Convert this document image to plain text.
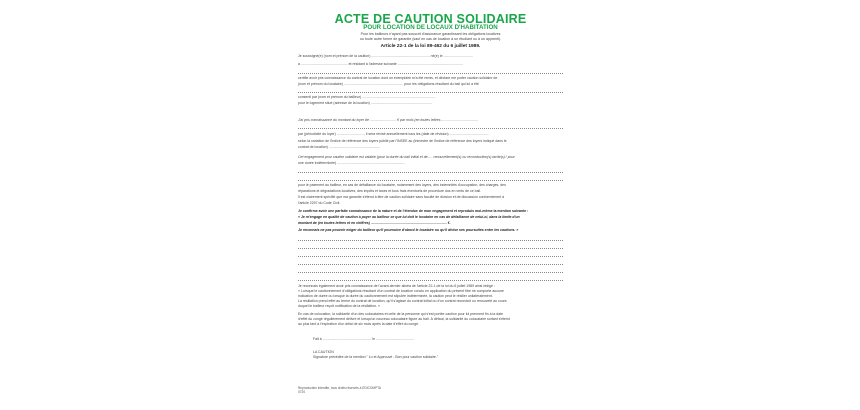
ACTE DE CAUTION SOLIDAIRE
POUR LOCATION DE LOCAUX D'HABITATION
Pour les bailleurs n'ayant pas souscrit d'assurance garantissant les obligations locatives
ou toute autre forme de garantie (sauf en cas de location à un étudiant ou à un apprenti).
Article 22-1 de la loi 89-462 du 6 juillet 1989.
Je soussigné(e) (nom et prénom de la caution) ............................................................ né(e) le ..............................
à ................................................ et résidant à l'adresse suivante ...................................................................
certifie avoir pris connaissance du contrat de location dont un exemplaire m'a été remis, et déclare me porter caution solidaire de
(nom et prénom du locataire) ............................................................. pour les obligations résultant du bail qui lui a été
consenti par (nom et prénom du bailleur) ...........................................................................
pour le logement situé (adresse de la location) ...............................................................
J'ai pris connaissance du montant du loyer de ........................... € par mois (en toutes lettres ......................................
par (périodicité du loyer) ............................, il sera révisé annuellement tous les (date de révision) ........................................
selon la variation de l'indice de référence des loyers publié par l'INSEE au (trimestre de l'indice de référence des loyers indiqué dans le
contrat de location) .....................................................
Cet engagement pour caution solidaire est valable (pour la durée du bail initial et de..... renouvellement(s) ou reconduction(s) tacite(s) / pour
une durée indéterminée) ......................................................................
pour le paiement au bailleur, en cas de défaillance du locataire, notamment des loyers, des indemnités d'occupation, des charges, des
réparations et dégradations locatives, des impôts et taxes et tous frais éventuels de procédure dus en vertu de ce bail.
Il est clairement spécifié que ma garantie s'étend à titre de caution solidaire sans faculté de division et de discussion conformément à
l'article 2297 du Code Civil.
Je confirme avoir une parfaite connaissance de la nature et de l'étendue de mon engagement et reproduis moi-même la mention suivante :
« Je m'engage en qualité de caution à payer au bailleur ce que lui doit le locataire en cas de défaillance de celui-ci, dans la limite d'un
montant de (en toutes lettres et en chiffres) .............................................................................. €.
Je reconnais ne pas pouvoir exiger du bailleur qu'il poursuive d'abord le locataire ou qu'il divise ses poursuites entre les cautions. »
Je reconnais également avoir pris connaissance de l'avant-dernier alinéa de l'article 22-1 de la loi du 6 juillet 1989 ainsi rédigé :
« Lorsque le cautionnement d'obligations résultant d'un contrat de location conclu en application du présent titre ne comporte aucune
indication de durée ou lorsque la durée du cautionnement est stipulée indéterminée, la caution peut le résilier unilatéralement.
La résiliation prend effet au terme du contrat de location, qu'il s'agisse du contrat initial ou d'un contrat reconduit ou renouvelé au cours
duquel le bailleur reçoit notification de la résiliation. »
En cas de colocation, la solidarité d'un des colocataires et celle de la personne qui s'est portée caution pour lui prennent fin à la date
d'effet du congé régulièrement délivré et lorsqu'un nouveau colocataire figure au bail. À défaut, la solidarité du colocataire sortant s'éteint
au plus tard à l'expiration d'un délai de six mois après la date d'effet du congé.
Fait à .................................................. le .......................................
LA CAUTION
Signature précédée de la mention " Lu et Approuvé - Bon pour caution solidaire."
Reproduction interdite, tous droits réservés à EDICOMPTA
0720
